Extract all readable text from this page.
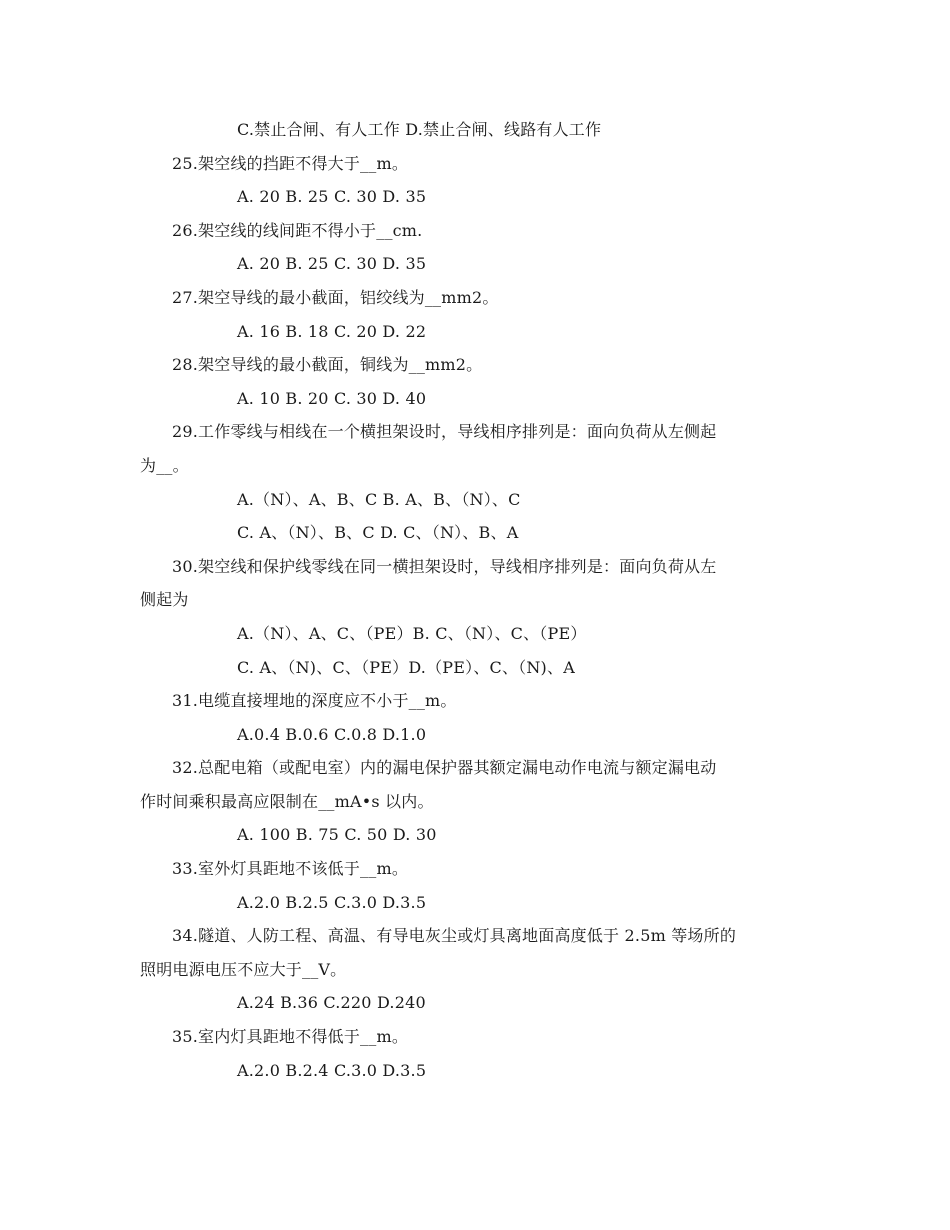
C.禁止合闸、有人工作 D.禁止合闸、线路有人工作
25.架空线的挡距不得大于__m。
A. 20 B. 25 C. 30 D. 35
26.架空线的线间距不得小于__cm.
A. 20 B. 25 C. 30 D. 35
27.架空导线的最小截面，铝绞线为__mm2。
A. 16 B. 18 C. 20 D. 22
28.架空导线的最小截面，铜线为__mm2。
A. 10 B. 20 C. 30 D. 40
29.工作零线与相线在一个横担架设时，导线相序排列是：面向负荷从左侧起
为__。
A.（N）、A、B、C B. A、B、（N）、C
C. A、（N）、B、C D. C、（N）、B、A
30.架空线和保护线零线在同一横担架设时，导线相序排列是：面向负荷从左
侧起为
A.（N）、A、C、（PE）B. C、（N）、C、（PE）
C. A、（N)、C、（PE）D.（PE）、C、（N)、A
31.电缆直接埋地的深度应不小于__m。
A.0.4 B.0.6 C.0.8 D.1.0
32.总配电箱（或配电室）内的漏电保护器其额定漏电动作电流与额定漏电动
作时间乘积最高应限制在__mA•s 以内。
A. 100 B. 75 C. 50 D. 30
33.室外灯具距地不该低于__m。
A.2.0 B.2.5 C.3.0 D.3.5
34.隧道、人防工程、高温、有导电灰尘或灯具离地面高度低于 2.5m 等场所的
照明电源电压不应大于__V。
A.24 B.36 C.220 D.240
35.室内灯具距地不得低于__m。
A.2.0 B.2.4 C.3.0 D.3.5
